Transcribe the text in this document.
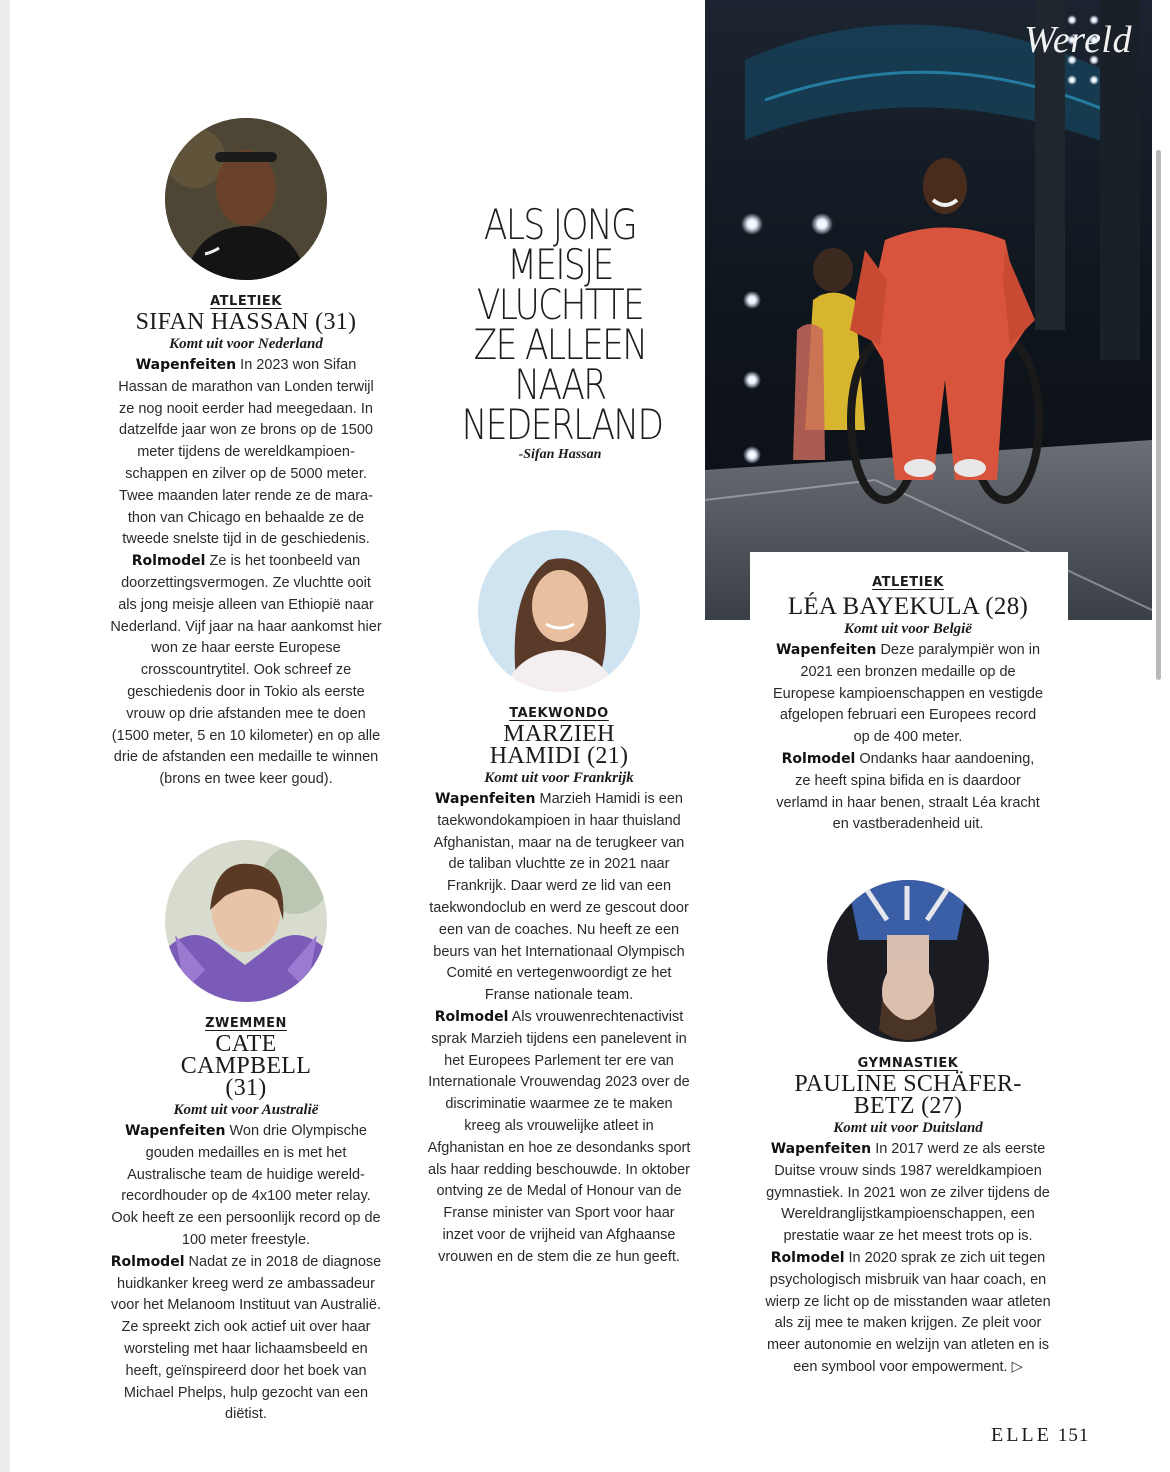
Wereld
ALS JONG
MEISJE
VLUCHTTE
ZE ALLEEN
NAAR
NEDERLAND
-Sifan Hassan
ATLETIEK
SIFAN HASSAN (31)
Komt uit voor Nederland

Wapenfeiten In 2023 won Sifan Hassan de marathon van Londen terwijl ze nog nooit eerder had meegedaan. In datzelfde jaar won ze brons op de 1500 meter tijdens de wereldkampioenschappen en zilver op de 5000 meter. Twee maanden later rende ze de marathon van Chicago en behaalde ze de tweede snelste tijd in de geschiedenis.

Rolmodel Ze is het toonbeeld van doorzettingsvermogen. Ze vluchtte ooit als jong meisje alleen van Ethiopië naar Nederland. Vijf jaar na haar aankomst hier won ze haar eerste Europese crosscountrytitel. Ook schreef ze geschiedenis door in Tokio als eerste vrouw op drie afstanden mee te doen (1500 meter, 5 en 10 kilometer) en op alle drie de afstanden een medaille te winnen (brons en twee keer goud).

ZWEMMEN
CATE CAMPBELL (31)
Komt uit voor Australië

Wapenfeiten Won drie Olympische gouden medailles en is met het Australische team de huidige wereldrecordhouder op de 4x100 meter relay. Ook heeft ze een persoonlijk record op de 100 meter freestyle.

Rolmodel Nadat ze in 2018 de diagnose huidkanker kreeg werd ze ambassadeur voor het Melanoom Instituut van Australië. Ze spreekt zich ook actief uit over haar worsteling met haar lichaamsbeeld en heeft, geïnspireerd door het boek van Michael Phelps, hulp gezocht van een diëtist.

TAEKWONDO
MARZIEH HAMIDI (21)
Komt uit voor Frankrijk

Wapenfeiten Marzieh Hamidi is een taekwondokampioen in haar thuisland Afghanistan, maar na de terugkeer van de taliban vluchtte ze in 2021 naar Frankrijk. Daar werd ze lid van een taekwondoclub en werd ze gescout door een van de coaches. Nu heeft ze een beurs van het Internationaal Olympisch Comité en vertegenwoordigt ze het Franse nationale team.

Rolmodel Als vrouwenrechtenactivist sprak Marzieh tijdens een panelevent in het Europees Parlement ter ere van Internationale Vrouwendag 2023 over de discriminatie waarmee ze te maken kreeg als vrouwelijke atleet in Afghanistan en hoe ze desondanks sport als haar redding beschouwde. In oktober ontving ze de Medal of Honour van de Franse minister van Sport voor haar inzet voor de vrijheid van Afghaanse vrouwen en de stem die ze hun geeft.

ATLETIEK
LÉA BAYEKULA (28)
Komt uit voor België

Wapenfeiten Deze paralympiër won in 2021 een bronzen medaille op de Europese kampioenschappen en vestigde afgelopen februari een Europees record op de 400 meter.

Rolmodel Ondanks haar aandoening, ze heeft spina bifida en is daardoor verlamd in haar benen, straalt Léa kracht en vastberadenheid uit.

GYMNASTIEK
PAULINE SCHÄFER-BETZ (27)
Komt uit voor Duitsland

Wapenfeiten In 2017 werd ze als eerste Duitse vrouw sinds 1987 wereldkampioen gymnastiek. In 2021 won ze zilver tijdens de Wereldranglijstkampioenschappen, een prestatie waar ze het meest trots op is.

Rolmodel In 2020 sprak ze zich uit tegen psychologisch misbruik van haar coach, en wierp ze licht op de misstanden waar atleten als zij mee te maken krijgen. Ze pleit voor meer autonomie en welzijn van atleten en is een symbool voor empowerment. ▷

ELLE 151
